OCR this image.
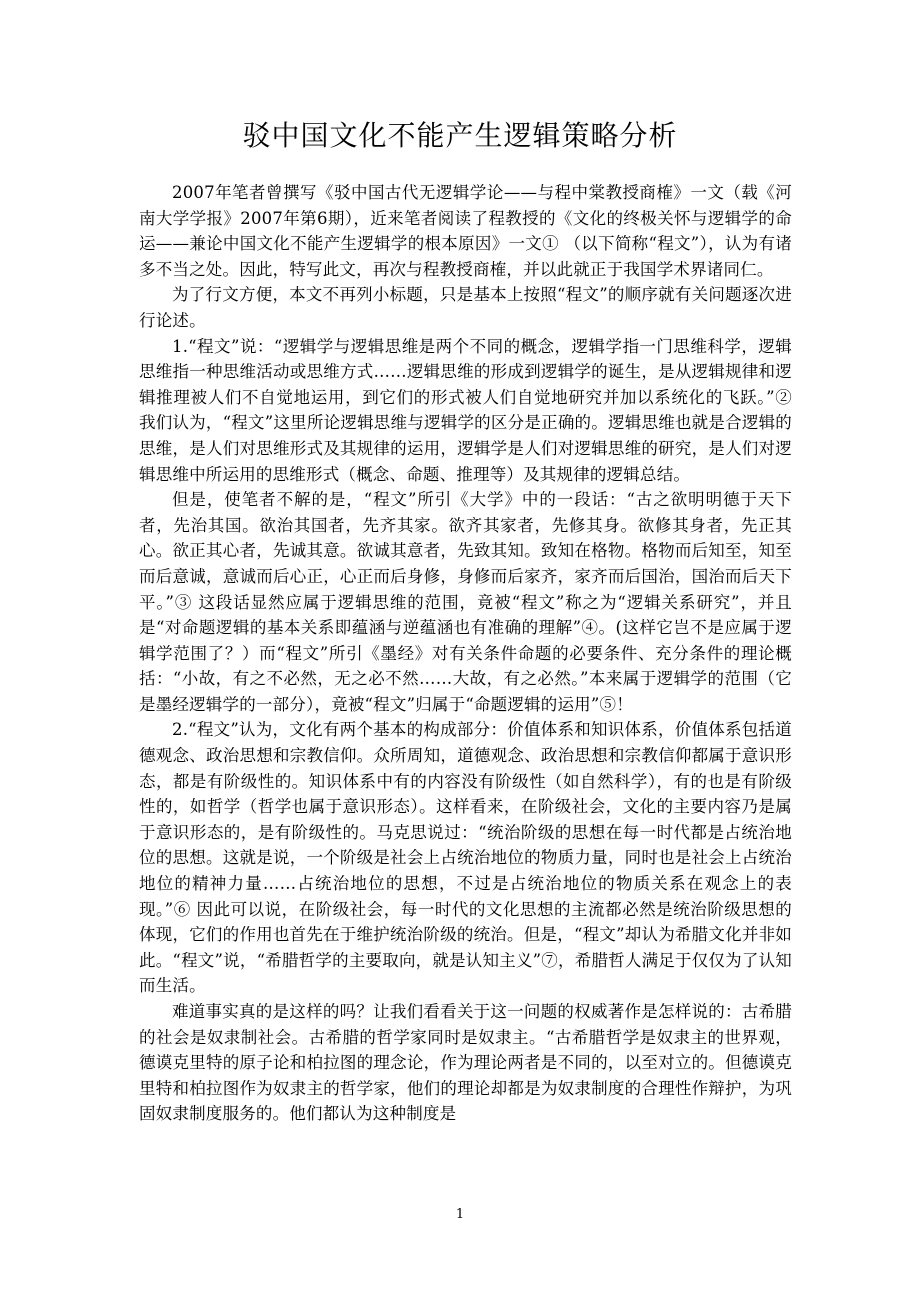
驳中国文化不能产生逻辑策略分析

2007年笔者曾撰写《驳中国古代无逻辑学论——与程中棠教授商榷》一文（载《河南大学学报》2007年第6期），近来笔者阅读了程教授的《文化的终极关怀与逻辑学的命运——兼论中国文化不能产生逻辑学的根本原因》一文① （以下简称“程文”），认为有诸多不当之处。因此，特写此文，再次与程教授商榷，并以此就正于我国学术界诸同仁。

为了行文方便，本文不再列小标题，只是基本上按照“程文”的顺序就有关问题逐次进行论述。

1.“程文”说：“逻辑学与逻辑思维是两个不同的概念，逻辑学指一门思维科学，逻辑思维指一种思维活动或思维方式……逻辑思维的形成到逻辑学的诞生，是从逻辑规律和逻辑推理被人们不自觉地运用，到它们的形式被人们自觉地研究并加以系统化的飞跃。”② 我们认为，“程文”这里所论逻辑思维与逻辑学的区分是正确的。逻辑思维也就是合逻辑的思维，是人们对思维形式及其规律的运用，逻辑学是人们对逻辑思维的研究，是人们对逻辑思维中所运用的思维形式（概念、命题、推理等）及其规律的逻辑总结。

但是，使笔者不解的是，“程文”所引《大学》中的一段话：“古之欲明明德于天下者，先治其国。欲治其国者，先齐其家。欲齐其家者，先修其身。欲修其身者，先正其心。欲正其心者，先诚其意。欲诚其意者，先致其知。致知在格物。格物而后知至，知至而后意诚，意诚而后心正，心正而后身修，身修而后家齐，家齐而后国治，国治而后天下平。”③ 这段话显然应属于逻辑思维的范围，竟被“程文”称之为“逻辑关系研究”，并且是“对命题逻辑的基本关系即蕴涵与逆蕴涵也有准确的理解”④。(这样它岂不是应属于逻辑学范围了？）而“程文”所引《墨经》对有关条件命题的必要条件、充分条件的理论概括：“小故，有之不必然，无之必不然……大故，有之必然。”本来属于逻辑学的范围（它是墨经逻辑学的一部分），竟被“程文”归属于“命题逻辑的运用”⑤！

2.“程文”认为，文化有两个基本的构成部分：价值体系和知识体系，价值体系包括道德观念、政治思想和宗教信仰。众所周知，道德观念、政治思想和宗教信仰都属于意识形态，都是有阶级性的。知识体系中有的内容没有阶级性（如自然科学），有的也是有阶级性的，如哲学（哲学也属于意识形态）。这样看来，在阶级社会，文化的主要内容乃是属于意识形态的，是有阶级性的。马克思说过：“统治阶级的思想在每一时代都是占统治地位的思想。这就是说，一个阶级是社会上占统治地位的物质力量，同时也是社会上占统治地位的精神力量……占统治地位的思想，不过是占统治地位的物质关系在观念上的表现。”⑥ 因此可以说，在阶级社会，每一时代的文化思想的主流都必然是统治阶级思想的体现，它们的作用也首先在于维护统治阶级的统治。但是，“程文”却认为希腊文化并非如此。“程文”说，“希腊哲学的主要取向，就是认知主义”⑦，希腊哲人满足于仅仅为了认知而生活。

难道事实真的是这样的吗？让我们看看关于这一问题的权威著作是怎样说的：古希腊的社会是奴隶制社会。古希腊的哲学家同时是奴隶主。“古希腊哲学是奴隶主的世界观，德谟克里特的原子论和柏拉图的理念论，作为理论两者是不同的，以至对立的。但德谟克里特和柏拉图作为奴隶主的哲学家，他们的理论却都是为奴隶制度的合理性作辩护，为巩固奴隶制度服务的。他们都认为这种制度是

1
